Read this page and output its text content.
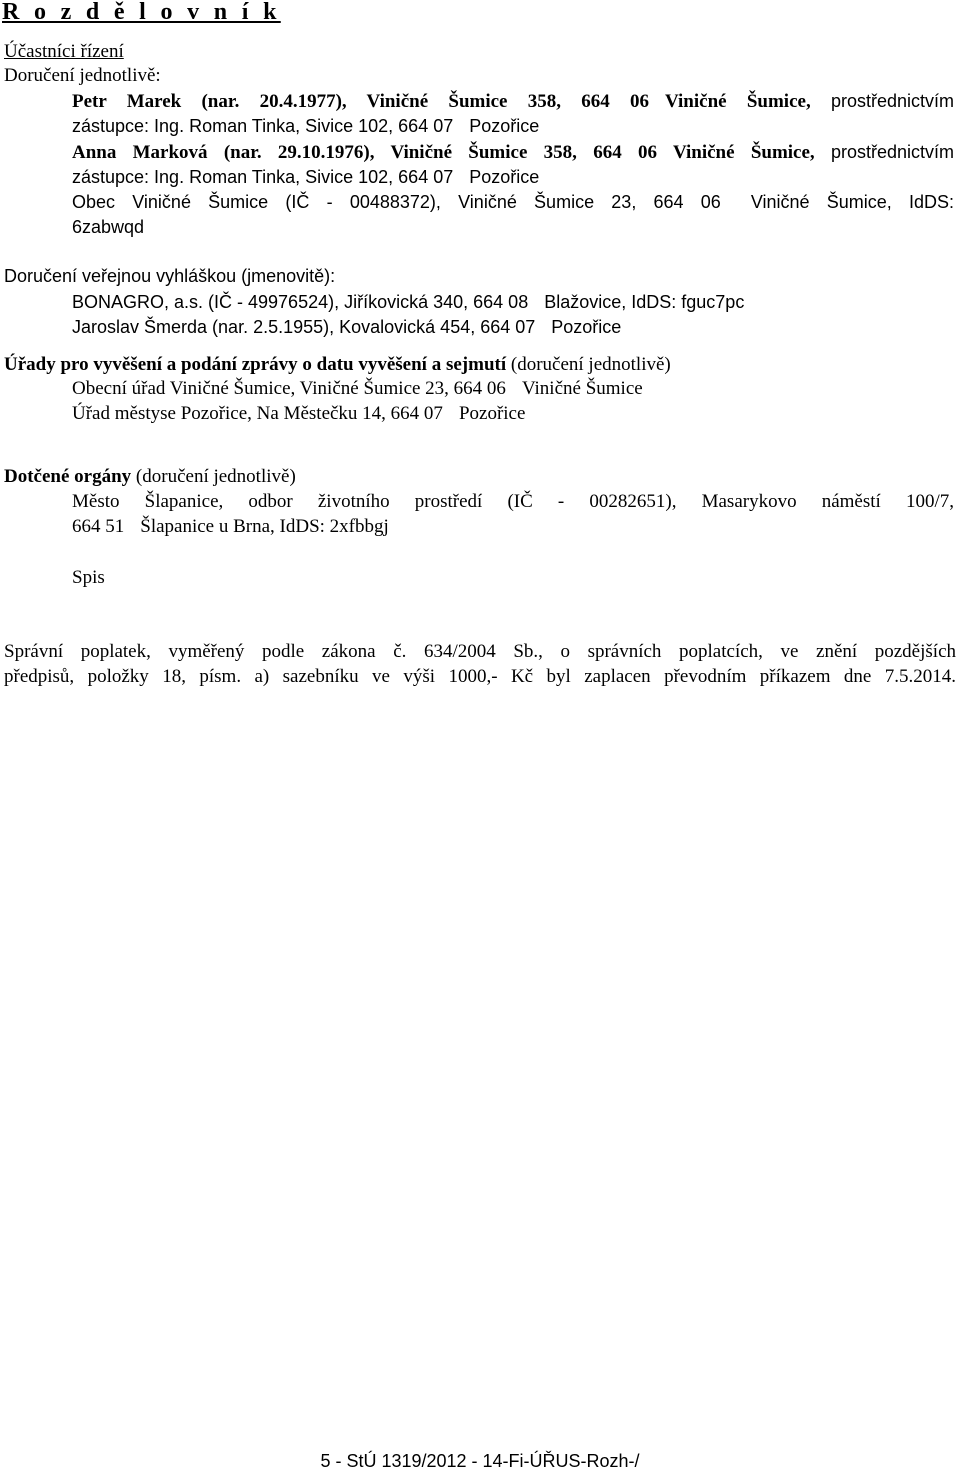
R o z d ě l o v n í k
Účastníci řízení
Doručení jednotlivě:
Petr Marek (nar. 20.4.1977), Viničné Šumice 358, 664 06 Viničné Šumice, prostřednictvím
zástupce: Ing. Roman Tinka, Sivice 102, 664 07 Pozořice
Anna Marková (nar. 29.10.1976), Viničné Šumice 358, 664 06 Viničné Šumice, prostřednictvím
zástupce: Ing. Roman Tinka, Sivice 102, 664 07 Pozořice
Obec Viničné Šumice (IČ - 00488372), Viničné Šumice 23, 664 06 Viničné Šumice, IdDS:
6zabwqd
Doručení veřejnou vyhláškou (jmenovitě):
BONAGRO, a.s. (IČ - 49976524), Jiříkovická 340, 664 08 Blažovice, IdDS: fguc7pc
Jaroslav Šmerda (nar. 2.5.1955), Kovalovická 454, 664 07 Pozořice
Úřady pro vyvěšení a podání zprávy o datu vyvěšení a sejmutí (doručení jednotlivě)
Obecní úřad Viničné Šumice, Viničné Šumice 23, 664 06 Viničné Šumice
Úřad městyse Pozořice, Na Městečku 14, 664 07 Pozořice
Dotčené orgány (doručení jednotlivě)
Město Šlapanice, odbor životního prostředí (IČ - 00282651), Masarykovo náměstí 100/7,
664 51 Šlapanice u Brna, IdDS: 2xfbbgj
Spis
Správní poplatek, vyměřený podle zákona č. 634/2004 Sb., o správních poplatcích, ve znění pozdějších
předpisů, položky 18, písm. a) sazebníku ve výši 1000,- Kč byl zaplacen převodním příkazem dne 7.5.2014.
5 - StÚ 1319/2012 - 14-Fi-ÚŘUS-Rozh-/
